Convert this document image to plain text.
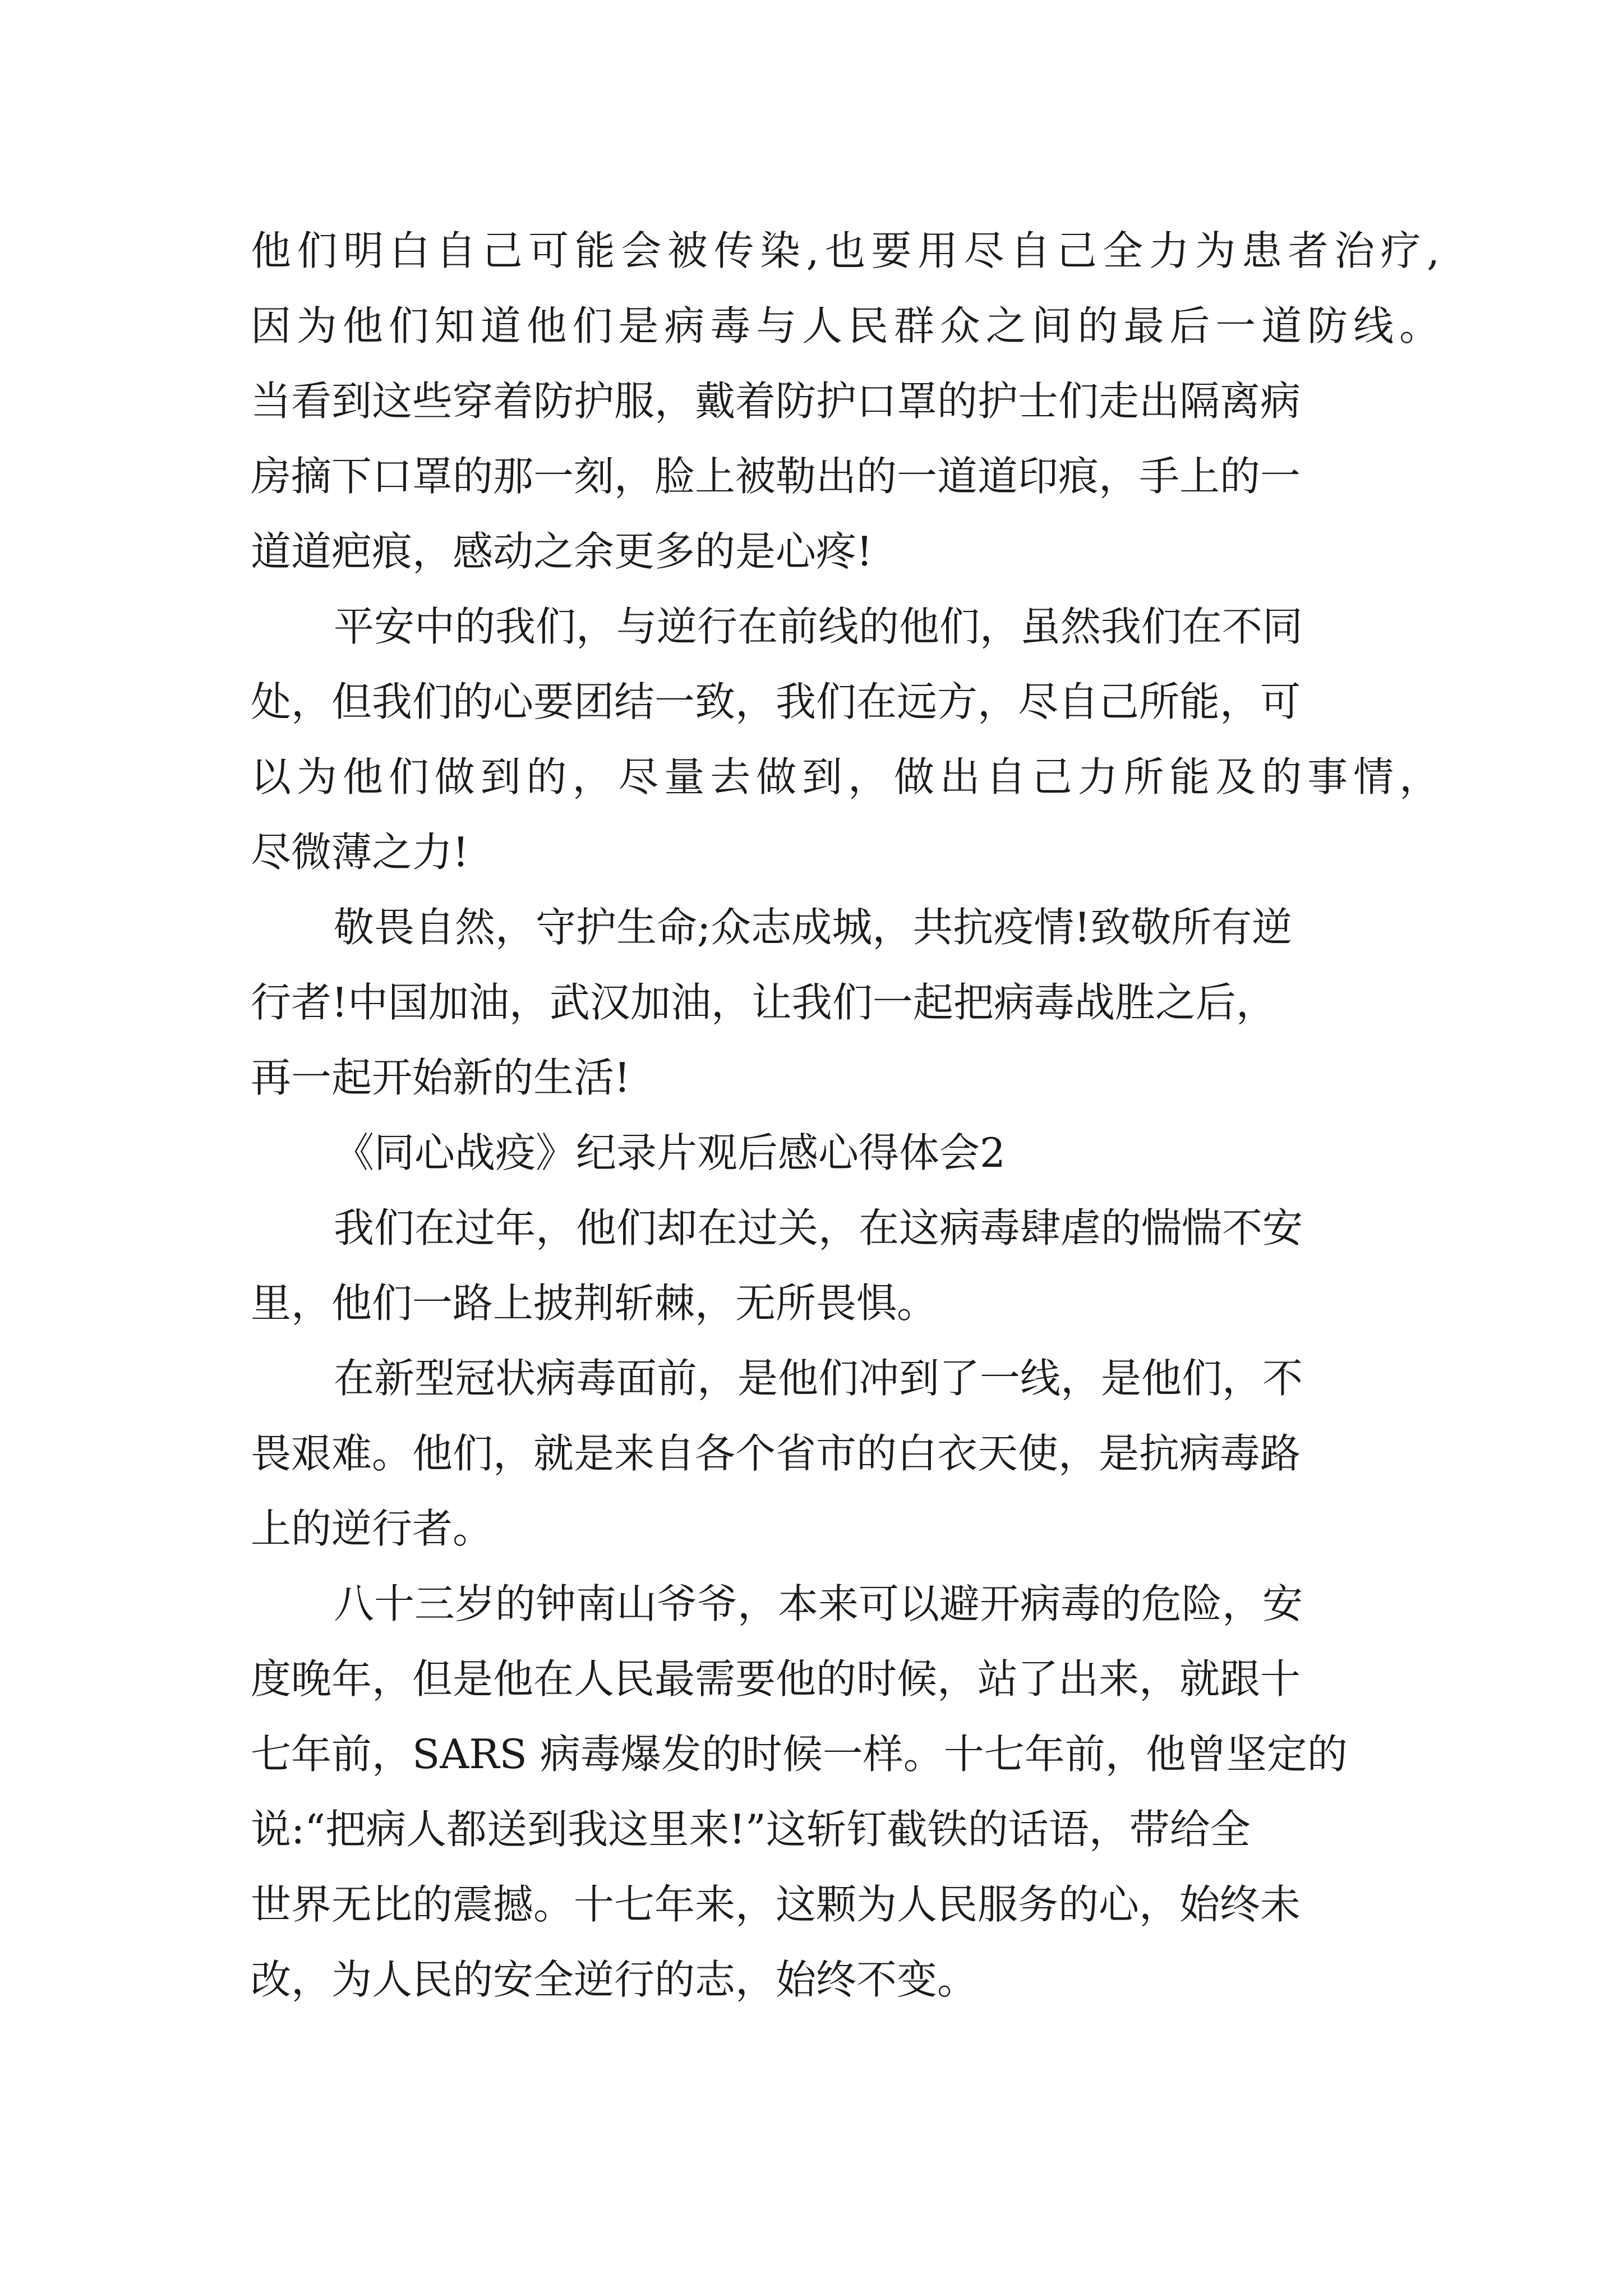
他们明白自己可能会被传染,也要用尽自己全力为患者治疗,
因为他们知道他们是病毒与人民群众之间的最后一道防线。
当看到这些穿着防护服，戴着防护口罩的护士们走出隔离病
房摘下口罩的那一刻，脸上被勒出的一道道印痕，手上的一
道道疤痕，感动之余更多的是心疼!
平安中的我们，与逆行在前线的他们，虽然我们在不同
处，但我们的心要团结一致，我们在远方，尽自己所能，可
以为他们做到的，尽量去做到，做出自己力所能及的事情，
尽微薄之力!
敬畏自然，守护生命;众志成城，共抗疫情!致敬所有逆
行者!中国加油，武汉加油，让我们一起把病毒战胜之后，
再一起开始新的生活!
《同心战疫》纪录片观后感心得体会2
我们在过年，他们却在过关，在这病毒肆虐的惴惴不安
里，他们一路上披荆斩棘，无所畏惧。
在新型冠状病毒面前，是他们冲到了一线，是他们，不
畏艰难。他们，就是来自各个省市的白衣天使，是抗病毒路
上的逆行者。
八十三岁的钟南山爷爷，本来可以避开病毒的危险，安
度晚年，但是他在人民最需要他的时候，站了出来，就跟十
七年前，SARS 病毒爆发的时候一样。十七年前，他曾坚定的
说:“把病人都送到我这里来!”这斩钉截铁的话语，带给全
世界无比的震撼。十七年来，这颗为人民服务的心，始终未
改，为人民的安全逆行的志，始终不变。
